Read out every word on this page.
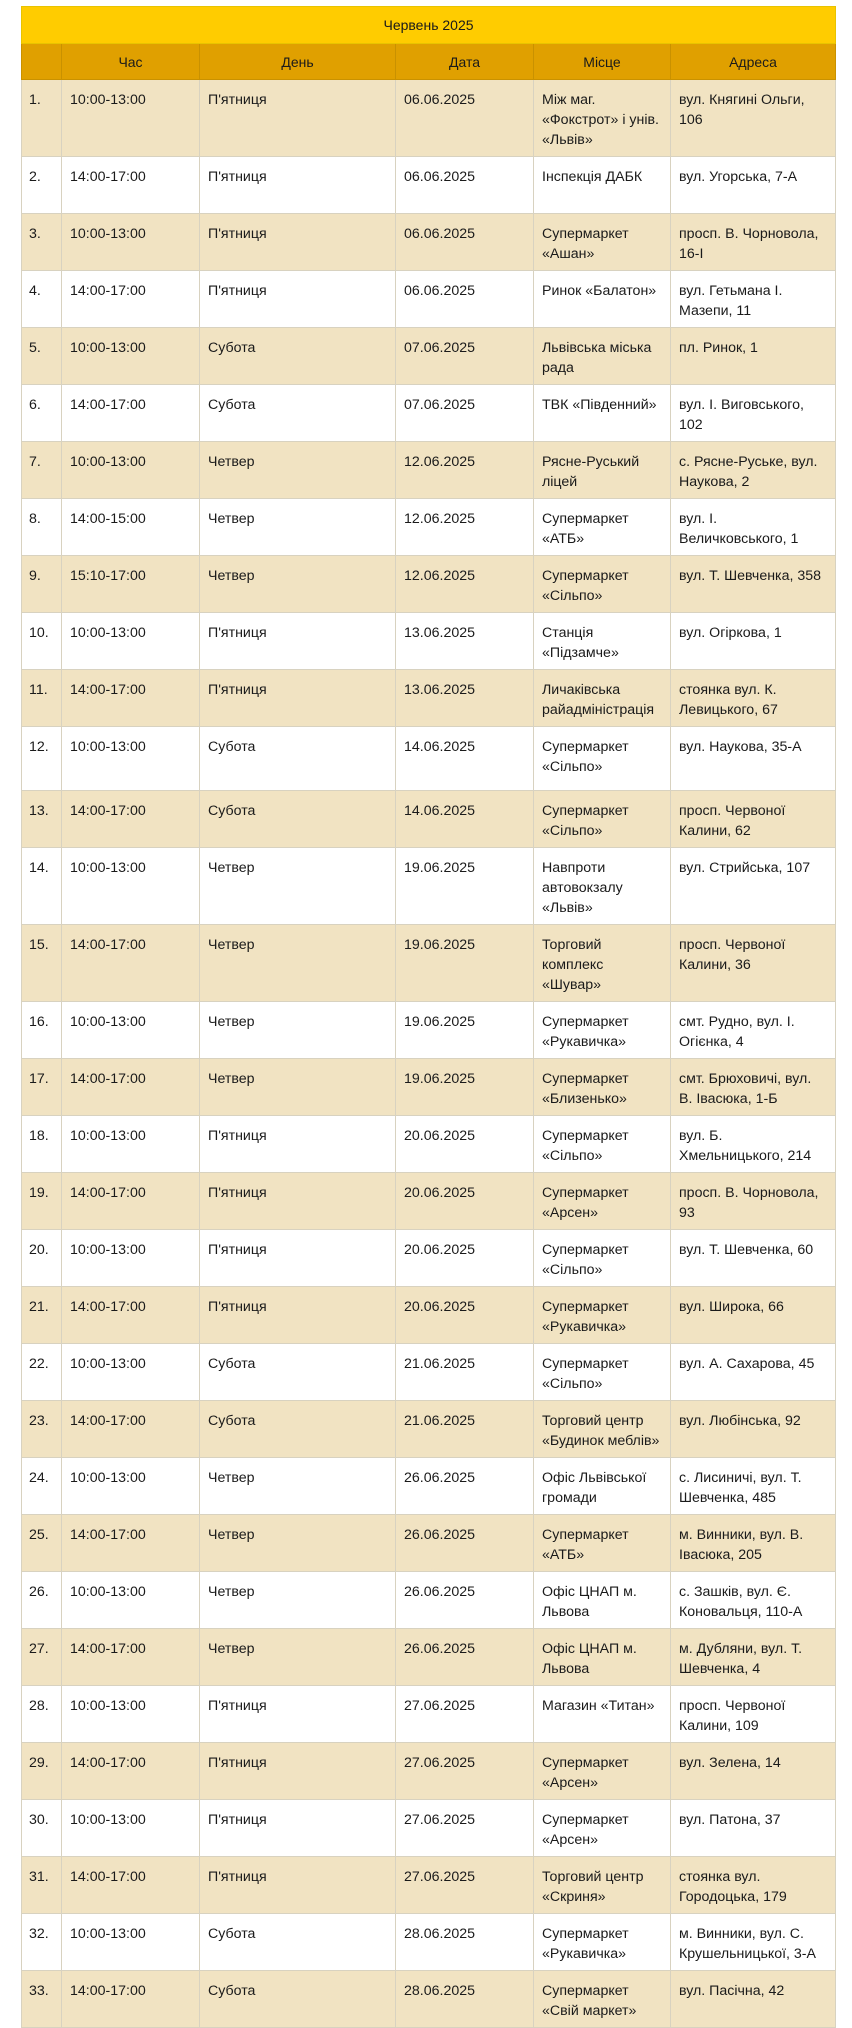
Червень 2025					
	Час	День	Дата	Місце	Адреса
1.	10:00-13:00	П'ятниця	06.06.2025	Між маг. «Фокстрот» і унів. «Львів»	вул. Княгині Ольги, 106
2.	14:00-17:00	П'ятниця	06.06.2025	Інспекція ДАБК	вул. Угорська, 7-А
3.	10:00-13:00	П'ятниця	06.06.2025	Супермаркет «Ашан»	просп. В. Чорновола, 16-І
4.	14:00-17:00	П'ятниця	06.06.2025	Ринок «Балатон»	вул. Гетьмана І. Мазепи, 11
5.	10:00-13:00	Субота	07.06.2025	Львівська міська рада	пл. Ринок, 1
6.	14:00-17:00	Субота	07.06.2025	ТВК «Південний»	вул. І. Виговського, 102
7.	10:00-13:00	Четвер	12.06.2025	Рясне-Руський ліцей	с. Рясне-Руське, вул. Наукова, 2
8.	14:00-15:00	Четвер	12.06.2025	Супермаркет «АТБ»	вул. І. Величковського, 1
9.	15:10-17:00	Четвер	12.06.2025	Супермаркет «Сільпо»	вул. Т. Шевченка, 358
10.	10:00-13:00	П'ятниця	13.06.2025	Станція «Підзамче»	вул. Огіркова, 1
11.	14:00-17:00	П'ятниця	13.06.2025	Личаківська райадміністрація	стоянка вул. К. Левицького, 67
12.	10:00-13:00	Субота	14.06.2025	Супермаркет «Сільпо»	вул. Наукова, 35-А
13.	14:00-17:00	Субота	14.06.2025	Супермаркет «Сільпо»	просп. Червоної Калини, 62
14.	10:00-13:00	Четвер	19.06.2025	Навпроти автовокзалу «Львів»	вул. Стрийська, 107
15.	14:00-17:00	Четвер	19.06.2025	Торговий комплекс «Шувар»	просп. Червоної Калини, 36
16.	10:00-13:00	Четвер	19.06.2025	Супермаркет «Рукавичка»	смт. Рудно, вул. І. Огієнка, 4
17.	14:00-17:00	Четвер	19.06.2025	Супермаркет «Близенько»	смт. Брюховичі, вул. В. Івасюка, 1-Б
18.	10:00-13:00	П'ятниця	20.06.2025	Супермаркет «Сільпо»	вул. Б. Хмельницького, 214
19.	14:00-17:00	П'ятниця	20.06.2025	Супермаркет «Арсен»	просп. В. Чорновола, 93
20.	10:00-13:00	П'ятниця	20.06.2025	Супермаркет «Сільпо»	вул. Т. Шевченка, 60
21.	14:00-17:00	П'ятниця	20.06.2025	Супермаркет «Рукавичка»	вул. Широка, 66
22.	10:00-13:00	Субота	21.06.2025	Супермаркет «Сільпо»	вул. А. Сахарова, 45
23.	14:00-17:00	Субота	21.06.2025	Торговий центр «Будинок меблів»	вул. Любінська, 92
24.	10:00-13:00	Четвер	26.06.2025	Офіс Львівської громади	с. Лисиничі, вул. Т. Шевченка, 485
25.	14:00-17:00	Четвер	26.06.2025	Супермаркет «АТБ»	м. Винники, вул. В. Івасюка, 205
26.	10:00-13:00	Четвер	26.06.2025	Офіс ЦНАП м. Львова	с. Зашків, вул. Є. Коновальця, 110-А
27.	14:00-17:00	Четвер	26.06.2025	Офіс ЦНАП м. Львова	м. Дубляни, вул. Т. Шевченка, 4
28.	10:00-13:00	П'ятниця	27.06.2025	Магазин «Титан»	просп. Червоної Калини, 109
29.	14:00-17:00	П'ятниця	27.06.2025	Супермаркет «Арсен»	вул. Зелена, 14
30.	10:00-13:00	П'ятниця	27.06.2025	Супермаркет «Арсен»	вул. Патона, 37
31.	14:00-17:00	П'ятниця	27.06.2025	Торговий центр «Скриня»	стоянка вул. Городоцька, 179
32.	10:00-13:00	Субота	28.06.2025	Супермаркет «Рукавичка»	м. Винники, вул. С. Крушельницької, 3-А
33.	14:00-17:00	Субота	28.06.2025	Супермаркет «Свій маркет»	вул. Пасічна, 42
